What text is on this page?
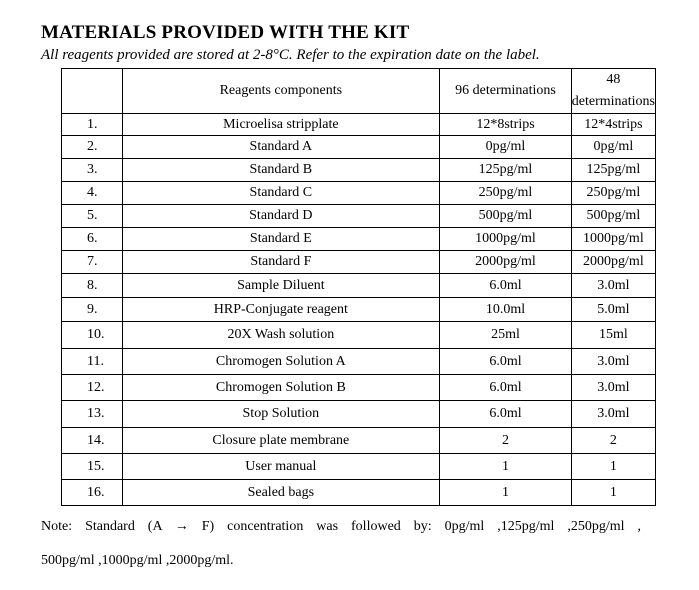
MATERIALS PROVIDED WITH THE KIT
All reagents provided are stored at 2-8°C. Refer to the expiration date on the label.
	Reagents components	96 determinations	48
determinations

1.	Microelisa stripplate	12*8strips	12*4strips
2.	Standard A	0pg/ml	0pg/ml
3.	Standard B	125pg/ml	125pg/ml
4.	Standard C	250pg/ml	250pg/ml
5.	Standard D	500pg/ml	500pg/ml
6.	Standard E	1000pg/ml	1000pg/ml
7.	Standard F	2000pg/ml	2000pg/ml
8.	Sample Diluent	6.0ml	3.0ml
9.	HRP-Conjugate reagent	10.0ml	5.0ml
10.	20X Wash solution	25ml	15ml
11.	Chromogen Solution A	6.0ml	3.0ml
12.	Chromogen Solution B	6.0ml	3.0ml
13.	Stop Solution	6.0ml	3.0ml
14.	Closure plate membrane	2	2
15.	User manual	1	1
16.	Sealed bags	1	1
Note: Standard (A → F) concentration was followed by: 0pg/ml ,125pg/ml ,250pg/ml ,
500pg/ml ,1000pg/ml ,2000pg/ml.
